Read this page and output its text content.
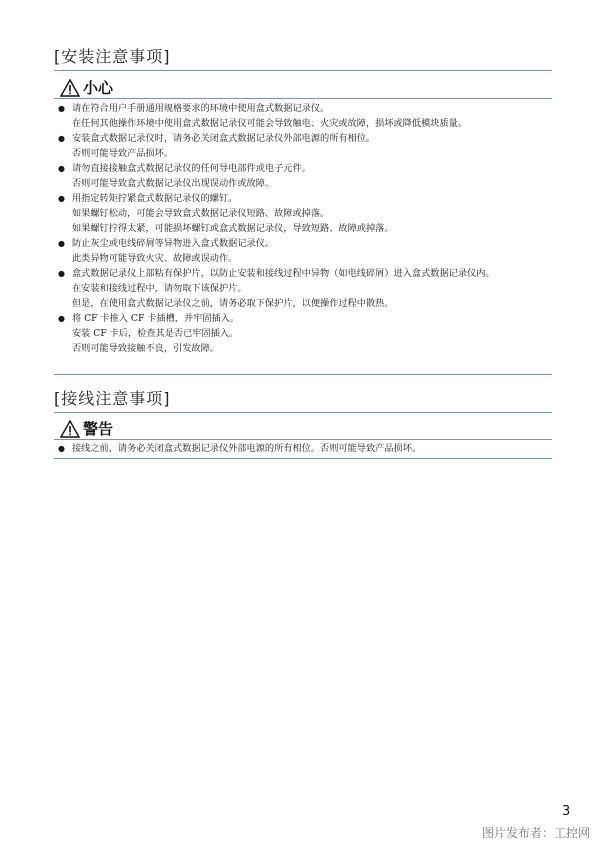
[安装注意事项]
小心
● 请在符合用户手册通用规格要求的环境中使用盒式数据记录仪。
在任何其他操作环境中使用盒式数据记录仪可能会导致触电、火灾或故障，损坏或降低模块质量。
● 安装盒式数据记录仪时，请务必关闭盒式数据记录仪外部电源的所有相位。
否则可能导致产品损坏。
● 请勿直接接触盒式数据记录仪的任何导电部件或电子元件。
否则可能导致盒式数据记录仪出现误动作或故障。
● 用指定转矩拧紧盒式数据记录仪的螺钉。
如果螺钉松动，可能会导致盒式数据记录仪短路、故障或掉落。
如果螺钉拧得太紧，可能损坏螺钉或盒式数据记录仪，导致短路、故障或掉落。
● 防止灰尘或电线碎屑等异物进入盒式数据记录仪。
此类异物可能导致火灾、故障或误动作。
● 盒式数据记录仪上部粘有保护片，以防止安装和接线过程中异物（如电线碎屑）进入盒式数据记录仪内。
在安装和接线过程中，请勿取下该保护片。
但是，在使用盒式数据记录仪之前，请务必取下保护片，以便操作过程中散热。
● 将 CF 卡推入 CF 卡插槽，并牢固插入。
安装 CF 卡后，检查其是否已牢固插入。
否则可能导致接触不良，引发故障。
[接线注意事项]
警告
● 接线之前，请务必关闭盒式数据记录仪外部电源的所有相位。否则可能导致产品损坏。
3
图片发布者：工控网
